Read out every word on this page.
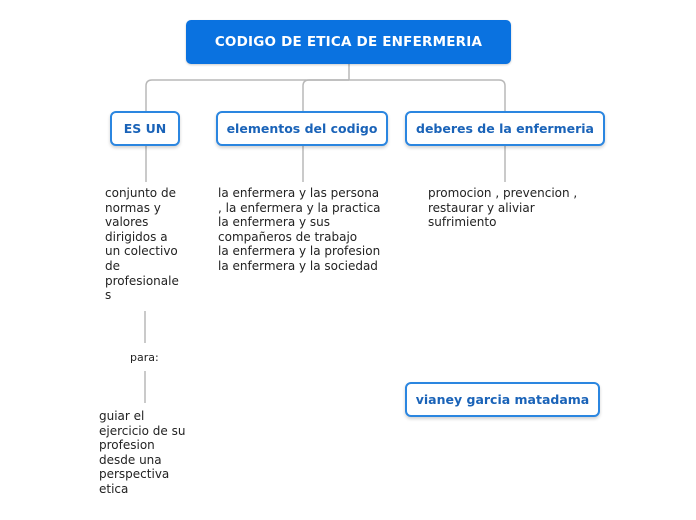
CODIGO DE ETICA DE ENFERMERIA
ES UN	elementos del codigo	deberes de la enfermeria
conjunto de
normas y
valores
dirigidos a
un colectivo
de
profesionale
s
para:
guiar el
ejercicio de su
profesion
desde una
perspectiva
etica
la enfermera y las persona
, la enfermera y la practica
la enfermera y sus
compañeros de trabajo
la enfermera y la profesion
la enfermera y la sociedad
promocion , prevencion ,
restaurar y aliviar
sufrimiento
vianey garcia matadama
